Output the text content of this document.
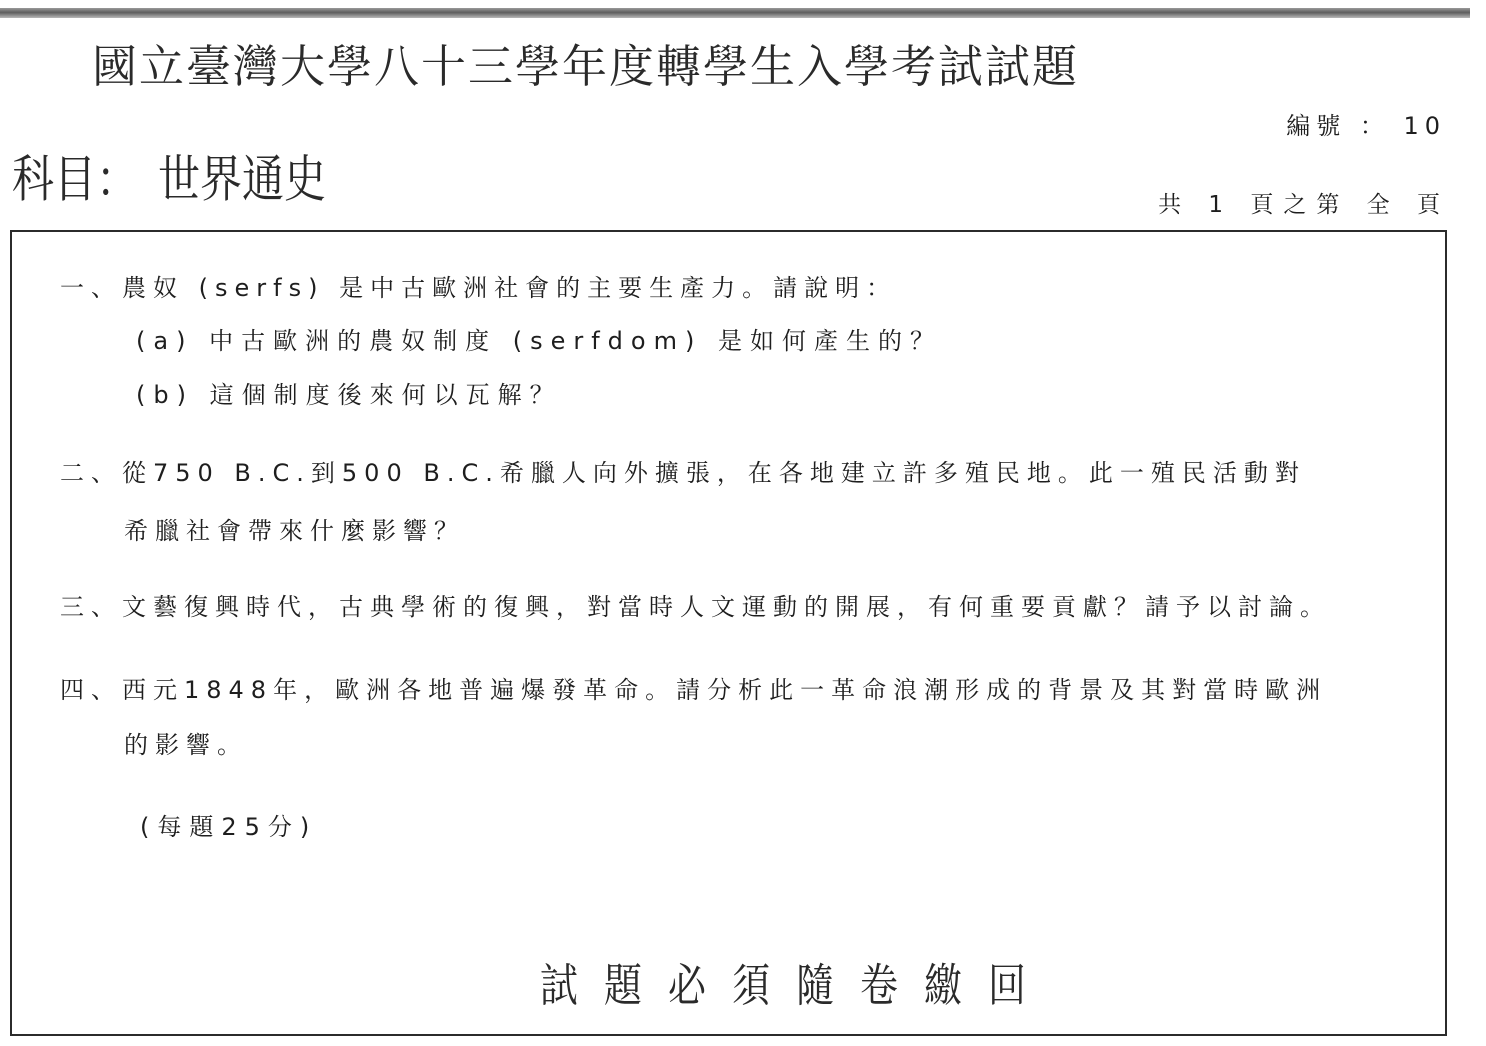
國立臺灣大學八十三學年度轉學生入學考試試題
編號 ： 10
科目： 世界通史	共 1 頁之第 全 頁
一、農奴 (serfs) 是中古歐洲社會的主要生產力。請說明：
(a) 中古歐洲的農奴制度 (serfdom) 是如何產生的？
(b) 這個制度後來何以瓦解？
二、從750 B.C.到500 B.C.希臘人向外擴張，在各地建立許多殖民地。此一殖民活動對
希臘社會帶來什麼影響？
三、文藝復興時代，古典學術的復興，對當時人文運動的開展，有何重要貢獻？請予以討論。
四、西元1848年，歐洲各地普遍爆發革命。請分析此一革命浪潮形成的背景及其對當時歐洲
的影響。
(每題25分)
試題必須隨卷繳回
